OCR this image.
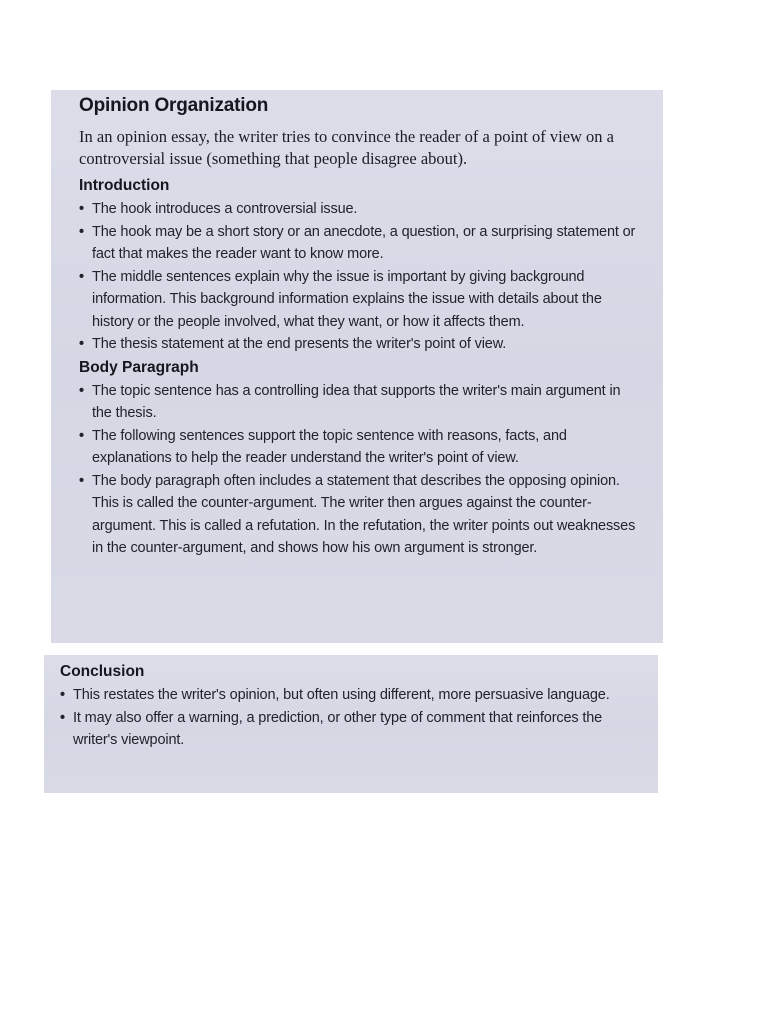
Opinion Organization
In an opinion essay, the writer tries to convince the reader of a point of view on a controversial issue (something that people disagree about).
Introduction
• The hook introduces a controversial issue.
• The hook may be a short story or an anecdote, a question, or a surprising statement or fact that makes the reader want to know more.
• The middle sentences explain why the issue is important by giving background information. This background information explains the issue with details about the history or the people involved, what they want, or how it affects them.
• The thesis statement at the end presents the writer's point of view.
Body Paragraph
• The topic sentence has a controlling idea that supports the writer's main argument in the thesis.
• The following sentences support the topic sentence with reasons, facts, and explanations to help the reader understand the writer's point of view.
• The body paragraph often includes a statement that describes the opposing opinion. This is called the counter-argument. The writer then argues against the counter-argument. This is called a refutation. In the refutation, the writer points out weaknesses in the counter-argument, and shows how his own argument is stronger.
Conclusion
• This restates the writer's opinion, but often using different, more persuasive language.
• It may also offer a warning, a prediction, or other type of comment that reinforces the writer's viewpoint.
